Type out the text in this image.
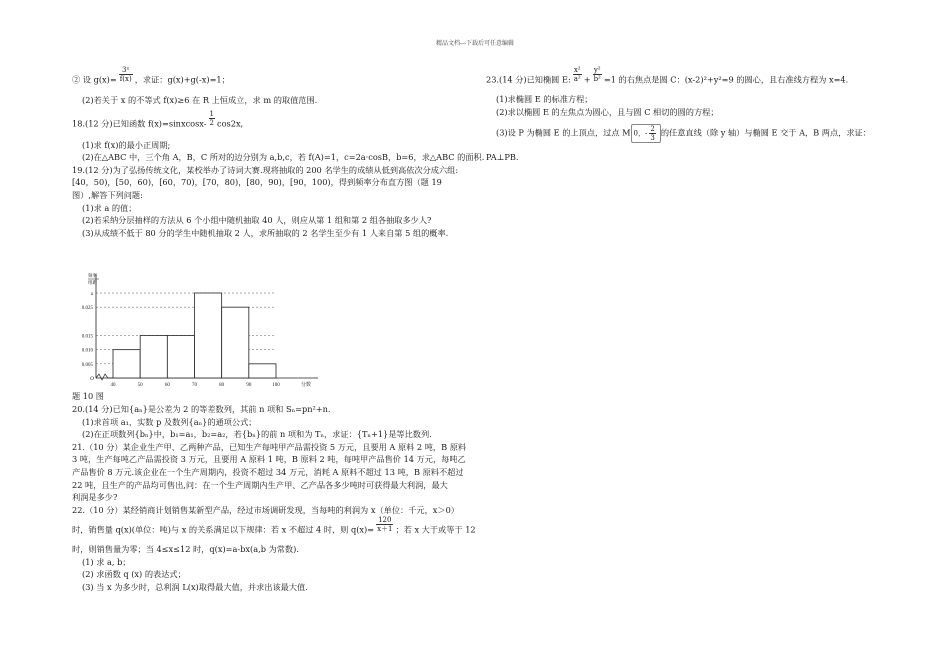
精品文档---下载后可任意编辑
② 设 $g(x)= \frac{\text{3ˣ}}{f(x)}$ ，求证：g(x)+g(-x)=1；
(2)若关于 x 的不等式 f(x)≥6 在 R 上恒成立，求 m 的取值范围.
18.(12 分)已知函数 f(x)=sinxcosx- $\frac{1}{2} \cos 2x$,
(1)求 f(x)的最小正周期;
(2)在△ABC 中，三个角 A，B，C 所对的边分别为 a,b,c，若 f(A)=1，c=2a·cosB，b=6，求△ABC 的面积.
19.(12 分)为了弘扬传统文化，某校举办了诗词大赛.现将抽取的 200 名学生的成绩从低到高依次分成六组:
[40，50)，[50，60)，[60，70)，[70，80)，[80，90)，[90，100)，得到频率分布直方图（题 19
图）,解答下列问题:
(1)求 a 的值；
(2)若采纳分层抽样的方法从 6 个小组中随机抽取 40 人，则应从第 1 组和第 2 组各抽取多少人?
(3)从成绩不低于 80 分的学生中随机抽取 2 人，求所抽取的 2 名学生至少有 1 人来自第 5 组的概率.
题 10 图
20.(14 分)已知{aₙ}是公差为 2 的等差数列，其前 n 项和 Sₙ=pn²+n.
(1)求首项 a₁，实数 p 及数列{aₙ}的通项公式；
(2)在正项数列{bₙ}中，b₁=a₁，b₂=a₂，若{bₙ}的前 n 项和为 Tₙ，求证：{Tₙ+1}是等比数列.
21.（10 分）某企业生产甲、乙两种产品，已知生产每吨甲产品需投资 5 万元，且要用 A 原料 2 吨，B 原料
3 吨，生产每吨乙产品需投资 3 万元，且要用 A 原料 1 吨，B 原料 2 吨，每吨甲产品售价 14 万元，每吨乙
产品售价 8 万元.该企业在一个生产周期内，投资不超过 34 万元，消耗 A 原料不超过 13 吨，B 原料不超过
22 吨，且生产的产品均可售出,问：在一个生产周期内生产甲、乙产品各多少吨时可获得最大利润，最大
利润是多少?
22.（10 分）某经销商计划销售某新型产品，经过市场调研发现，当每吨的利润为 x（单位：千元，x＞0）
时，销售量 q(x)(单位：吨)与 x 的关系满足以下规律：若 x 不超过 4 时，则 $q(x)= \frac{120}{x+1}$ ；若 x 大于或等于 12
时，则销售量为零；当 4≤x≤12 时，q(x)=a-bx(a,b 为常数).
(1) 求 a, b；
(2) 求函数 q (x) 的表达式；
(3) 当 x 为多少时，总利润 L(x)取得最大值，并求出该最大值.
23.(14 分)已知椭圆 E: $\frac{\text{x²}}{\text{a²}} + \frac{\text{y²}}{\text{b²}} =1$ 的右焦点是圆 C：(x-2)²+y²=9 的圆心，且右准线方程为 x=4.
(1)求椭圆 E 的标准方程；
(2)求以椭圆 E 的左焦点为圆心，且与圆 C 相切的圆的方程；
(3)设 P 为椭圆 E 的上顶点，过点 M 0，- $\frac{2}{3}$ 的任意直线（除 y 轴）与椭圆 E 交于 A，B 两点，求证：
PA⊥PB.
0.005
0.010
0.015
0.025
a
40	50	60	70	80	90	100	分数
O
频率
组距
